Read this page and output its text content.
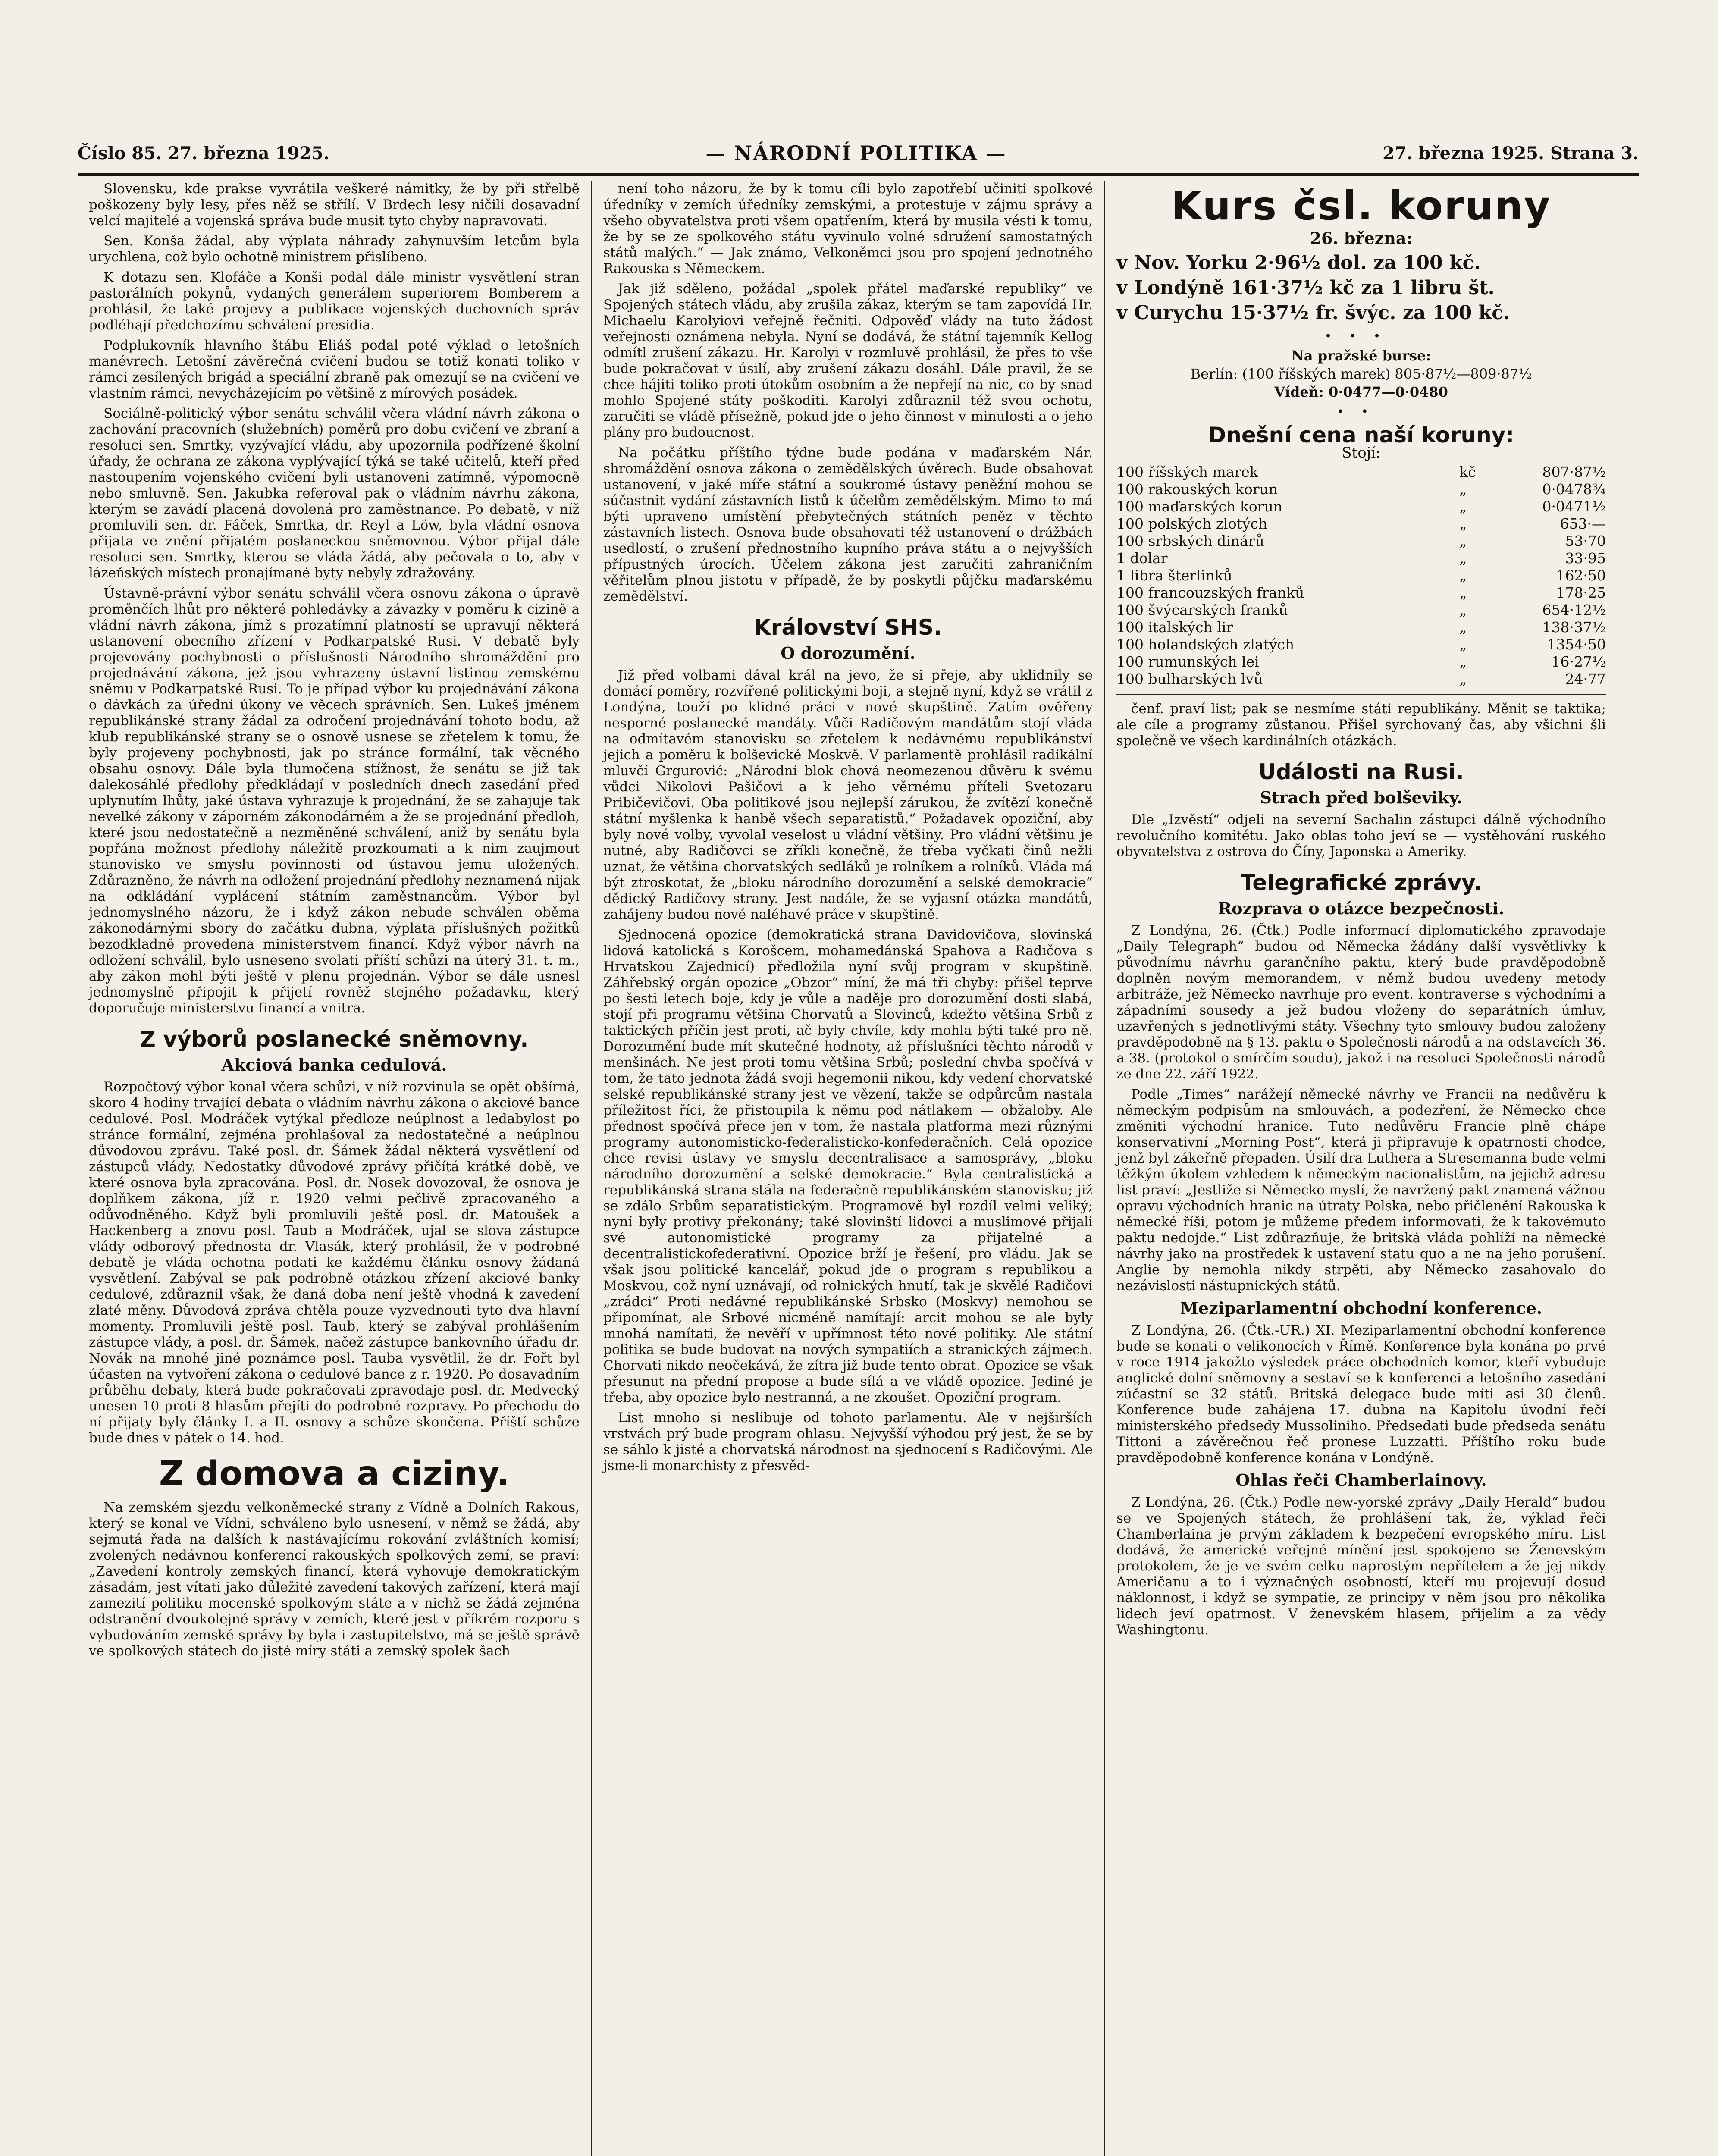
Číslo 85. 27. března 1925.	— NÁRODNÍ POLITIKA —	27. března 1925. Strana 3.

Slovensku, kde prakse vyvrátila veškeré námitky, že by při střelbě poškozeny byly lesy, přes něž se střílí. V Brdech lesy ničili dosavadní velcí majitelé a vojenská správa bude musit tyto chyby napravovati.

Sen. Konša žádal, aby výplata náhrady zahynuvším letcům byla urychlena, což bylo ochotně ministrem přislíbeno.

K dotazu sen. Klofáče a Konši podal dále ministr vysvětlení stran pastorálních pokynů, vydaných generálem superiorem Bomberem a prohlásil, že také projevy a publikace vojenských duchovních správ podléhají předchozímu schválení presidia.

Podplukovník hlavního štábu Eliáš podal poté výklad o letošních manévrech. Letošní závěrečná cvičení budou se totiž konati toliko v rámci zesílených brigád a speciální zbraně pak omezují se na cvičení ve vlastním rámci, nevycházejícím po většině z mírových posádek.

Sociálně-politický výbor senátu schválil včera vládní návrh zákona o zachování pracovních (služebních) poměrů pro dobu cvičení ve zbraní a resoluci sen. Smrtky, vyzývající vládu, aby upozornila podřízené školní úřady, že ochrana ze zákona vyplývající týká se také učitelů, kteří před nastoupením vojenského cvičení byli ustanoveni zatímně, výpomocně nebo smluvně. Sen. Jakubka referoval pak o vládním návrhu zákona, kterým se zavádí placená dovolená pro zaměstnance. Po debatě, v níž promluvili sen. dr. Fáček, Smrtka, dr. Reyl a Löw, byla vládní osnova přijata ve znění přijatém poslaneckou sněmovnou. Výbor přijal dále resoluci sen. Smrtky, kterou se vláda žádá, aby pečovala o to, aby v lázeňských místech pronajímané byty nebyly zdražovány.

Ústavně-právní výbor senátu schválil včera osnovu zákona o úpravě proměnčích lhůt pro některé pohledávky a závazky v poměru k cizině a vládní návrh zákona, jímž s prozatímní platností se upravují některá ustanovení obecního zřízení v Podkarpatské Rusi. V debatě byly projevovány pochybnosti o příslušnosti Národního shromáždění pro projednávání zákona, jež jsou vyhrazeny ústavní listinou zemskému sněmu v Podkarpatské Rusi. To je případ výbor ku projednávání zákona o dávkách za úřední úkony ve věcech správních. Sen. Lukeš jménem republikánské strany žádal za odročení projednávání tohoto bodu, až klub republikánské strany se o osnově usnese se zřetelem k tomu, že byly projeveny pochybnosti, jak po stránce formální, tak věcného obsahu osnovy. Dále byla tlumočena stížnost, že senátu se již tak dalekosáhlé předlohy předkládají v posledních dnech zasedání před uplynutím lhůty, jaké ústava vyhrazuje k projednání, že se zahajuje tak nevelké zákony v záporném zákonodárném a že se projednání předloh, které jsou nedostatečně a nezměněné schválení, aniž by senátu byla popřána možnost předlohy náležitě prozkoumati a k nim zaujmout stanovisko ve smyslu povinnosti od ústavou jemu uložených. Zdůrazněno, že návrh na odložení projednání předlohy neznamená nijak na odkládání vyplácení státním zaměstnancům. Výbor byl jednomyslného názoru, že i když zákon nebude schválen oběma zákonodárnými sbory do začátku dubna, výplata příslušných požitků bezodkladně provedena ministerstvem financí. Když výbor návrh na odložení schválil, bylo usneseno svolati příští schůzi na úterý 31. t. m., aby zákon mohl býti ještě v plenu projednán. Výbor se dále usnesl jednomyslně připojit k přijetí rovněž stejného požadavku, který doporučuje ministerstvu financí a vnitra.

Z výborů poslanecké sněmovny.
Akciová banka cedulová.

Rozpočtový výbor konal včera schůzi, v níž rozvinula se opět obšírná, skoro 4 hodiny trvající debata o vládním návrhu zákona o akciové bance cedulové. Posl. Modráček vytýkal předloze neúplnost a ledabylost po stránce formální, zejména prohlašoval za nedostatečné a neúplnou důvodovou zprávu. Také posl. dr. Šámek žádal některá vysvětlení od zástupců vlády. Nedostatky důvodové zprávy přičítá krátké době, ve které osnova byla zpracována. Posl. dr. Nosek dovozoval, že osnova je doplňkem zákona, jíž r. 1920 velmi pečlivě zpracovaného a odůvodněného. Když byli promluvili ještě posl. dr. Matoušek a Hackenberg a znovu posl. Taub a Modráček, ujal se slova zástupce vlády odborový přednosta dr. Vlasák, který prohlásil, že v podrobné debatě je vláda ochotna podati ke každému článku osnovy žádaná vysvětlení. Zabýval se pak podrobně otázkou zřízení akciové banky cedulové, zdůraznil však, že daná doba není ještě vhodná k zavedení zlaté měny. Důvodová zpráva chtěla pouze vyzvednouti tyto dva hlavní momenty. Promluvili ještě posl. Taub, který se zabýval prohlášením zástupce vlády, a posl. dr. Šámek, načež zástupce bankovního úřadu dr. Novák na mnohé jiné poznámce posl. Tauba vysvětlil, že dr. Fořt byl účasten na vytvoření zákona o cedulové bance z r. 1920. Po dosavadním průběhu debaty, která bude pokračovati zpravodaje posl. dr. Medvecký unesen 10 proti 8 hlasům přejíti do podrobné rozpravy. Po přechodu do ní přijaty byly články I. a II. osnovy a schůze skončena. Příští schůze bude dnes v pátek o 14. hod.

Z domova a ciziny.

Na zemském sjezdu velkoněmecké strany z Vídně a Dolních Rakous, který se konal ve Vídni, schváleno bylo usnesení, v němž se žádá, aby sejmutá řada na dalších k nastávajícímu rokování zvláštních komisí; zvolených nedávnou konferencí rakouských spolkových zemí, se praví: „Zavedení kontroly zemských financí, která vyhovuje demokratickým zásadám, jest vítati jako důležité zavedení takových zařízení, která mají zamezití politiku mocenské spolkovým státe a v nichž se žádá zejména odstranění dvoukolejné správy v zemích, které jest v příkrém rozporu s vybudováním zemské správy by byla i zastupitelstvo, má se ještě správě ve spolkových státech do jisté míry státi a zemský spolek šach

není toho názoru, že by k tomu cíli bylo zapotřebí učiniti spolkové úředníky v zemích úředníky zemskými, a protestuje v zájmu správy a všeho obyvatelstva proti všem opatřením, která by musila vésti k tomu, že by se ze spolkového státu vyvinulo volné sdružení samostatných států malých.“ — Jak známo, Velkoněmci jsou pro spojení jednotného Rakouska s Německem.

Jak již sděleno, požádal „spolek přátel maďarské republiky“ ve Spojených státech vládu, aby zrušila zákaz, kterým se tam zapovídá Hr. Michaelu Karolyiovi veřejně řečniti. Odpověď vlády na tuto žádost veřejnosti oznámena nebyla. Nyní se dodává, že státní tajemník Kellog odmítl zrušení zákazu. Hr. Karolyi v rozmluvě prohlásil, že přes to vše bude pokračovat v úsilí, aby zrušení zákazu dosáhl. Dále pravil, že se chce hájiti toliko proti útokům osobním a že nepřejí na nic, co by snad mohlo Spojené státy poškoditi. Karolyi zdůraznil též svou ochotu, zaručiti se vládě přísežně, pokud jde o jeho činnost v minulosti a o jeho plány pro budoucnost.

Na počátku příštího týdne bude podána v maďarském Nár. shromáždění osnova zákona o zemědělských úvěrech. Bude obsahovat ustanovení, v jaké míře státní a soukromé ústavy peněžní mohou se súčastnit vydání zástavních listů k účelům zemědělským. Mimo to má býti upraveno umístění přebytečných státních peněz v těchto zástavních listech. Osnova bude obsahovati též ustanovení o drážbách usedlostí, o zrušení přednostního kupního práva státu a o nejvyšších přípustných úrocích. Účelem zákona jest zaručiti zahraničním věřitelům plnou jistotu v případě, že by poskytli půjčku maďarskému zemědělství.

Království SHS.
O dorozumění.

Již před volbami dával král na jevo, že si přeje, aby uklidnily se domácí poměry, rozvířené politickými boji, a stejně nyní, když se vrátil z Londýna, touží po klidné práci v nové skupštině. Zatím ověřeny nesporné poslanecké mandáty. Vůči Radičovým mandátům stojí vláda na odmítavém stanovisku se zřetelem k nedávnému republikánství jejich a poměru k bolševické Moskvě. V parlamentě prohlásil radikální mluvčí Grgurović: „Národní blok chová neomezenou důvěru k svému vůdci Nikolovi Pašičovi a k jeho věrnému příteli Svetozaru Pribičevičovi. Oba politikové jsou nejlepší zárukou, že zvítězí konečně státní myšlenka k hanbě všech separatistů.“ Požadavek opoziční, aby byly nové volby, vyvolal veselost u vládní většiny. Pro vládní většinu je nutné, aby Radičovci se zříkli konečně, že třeba vyčkati činů nežli uznat, že většina chorvatských sedláků je rolníkem a rolníků. Vláda má být ztroskotat, že „bloku národního dorozumění a selské demokracie“ dědický Radičovy strany. Jest nadále, že se vyjasní otázka mandátů, zahájeny budou nové naléhavé práce v skupštině.

Sjednocená opozice (demokratická strana Davidovičova, slovinská lidová katolická s Korošcem, mohamedánská Spahova a Radičova s Hrvatskou Zajednicí) předložila nyní svůj program v skupštině. Záhřebský orgán opozice „Obzor“ míní, že má tři chyby: přišel teprve po šesti letech boje, kdy je vůle a naděje pro dorozumění dosti slabá, stojí při programu většina Chorvatů a Slovinců, kdežto většina Srbů z taktických příčin jest proti, ač byly chvíle, kdy mohla býti také pro ně. Dorozumění bude mít skutečné hodnoty, až příslušníci těchto národů v menšinách. Ne jest proti tomu většina Srbů; poslední chvba spočívá v tom, že tato jednota žádá svoji hegemonii nikou, kdy vedení chorvatské selské republikánské strany jest ve vězení, takže se odpůrcům nastala příležitost říci, že přistoupila k němu pod nátlakem — obžaloby. Ale přednost spočívá přece jen v tom, že nastala platforma mezi různými programy autonomisticko-federalisticko-konfederačních. Celá opozice chce revisi ústavy ve smyslu decentralisace a samosprávy, „bloku národního dorozumění a selské demokracie.“ Byla centralistická a republikánská strana stála na federačně republikánském stanovisku; již se zdálo Srbům separatistickým. Programově byl rozdíl velmi veliký; nyní byly protivy překonány; také slovinští lidovci a muslimové přijali své autonomistické programy za přijatelné a decentralistickofederativní. Opozice brží je řešení, pro vládu. Jak se však jsou politické kancelář, pokud jde o program s republikou a Moskvou, což nyní uznávají, od rolnických hnutí, tak je skvělé Radičovi „zrádci“ Proti nedávné republikánské Srbsko (Moskvy) nemohou se připomínat, ale Srbové nicméně namítají: arcit mohou se ale byly mnohá namítati, že nevěří v upřímnost této nové politiky. Ale státní politika se bude budovat na nových sympatiích a stranických zájmech. Chorvati nikdo neočekává, že zítra již bude tento obrat. Opozice se však přesunut na přední propose a bude sílá a ve vládě opozice. Jediné je třeba, aby opozice bylo nestranná, a ne zkoušet. Opoziční program.

List mnoho si neslibuje od tohoto parlamentu. Ale v nejširších vrstvách prý bude program ohlasu. Nejvyšší výhodou prý jest, že se by se sáhlo k jisté a chorvatská národnost na sjednocení s Radičovými. Ale jsme-li monarchisty z přesvěd-

Kurs čsl. koruny
26. března:
v Nov. Yorku 2·96½ dol. za 100 kč.
v Londýně 161·37½ kč za 1 libru št.
v Curychu 15·37½ fr. švýc. za 100 kč.
•••
Na pražské burse:
Berlín: (100 říšských marek) 805·87½—809·87½
Vídeň: 0·0477—0·0480
••
Dnešní cena naší koruny:
Stojí:
100 říšských marek	kč	807·87½
100 rakouských korun	„	0·0478¾
100 maďarských korun	„	0·0471½
100 polských zlotých	„	653·—
100 srbských dinárů	„	53·70
1 dolar	„	33·95
1 libra šterlinků	„	162·50
100 francouzských franků	„	178·25
100 švýcarských franků	„	654·12½
100 italských lir	„	138·37½
100 holandských zlatých	„	1354·50
100 rumunských lei	„	16·27½
100 bulharských lvů	„	24·77

čenf. praví list; pak se nesmíme státi republikány. Měnit se taktika; ale cíle a programy zůstanou. Přišel syrchovaný čas, aby všichni šli společně ve všech kardinálních otázkách.

Události na Rusi.
Strach před bolševiky.

Dle „Izvěstí“ odjeli na severní Sachalin zástupci dálně východního revolučního komitétu. Jako oblas toho jeví se — vystěhování ruského obyvatelstva z ostrova do Číny, Japonska a Ameriky.

Telegrafické zprávy.
Rozprava o otázce bezpečnosti.

Z Londýna, 26. (Čtk.) Podle informací diplomatického zpravodaje „Daily Telegraph“ budou od Německa žádány další vysvětlivky k původnímu návrhu garančního paktu, který bude pravděpodobně doplněn novým memorandem, v němž budou uvedeny metody arbitráže, jež Německo navrhuje pro event. kontraverse s východními a západními sousedy a jež budou vloženy do separátních úmluv, uzavřených s jednotlivými státy. Všechny tyto smlouvy budou založeny pravděpodobně na § 13. paktu o Společnosti národů a na odstavcích 36. a 38. (protokol o smírčím soudu), jakož i na resoluci Společnosti národů ze dne 22. září 1922.

Podle „Times“ narážejí německé návrhy ve Francii na nedůvěru k německým podpisům na smlouvách, a podezření, že Německo chce změniti východní hranice. Tuto nedůvěru Francie plně chápe konservativní „Morning Post“, která ji připravuje k opatrnosti chodce, jenž byl zákeřně přepaden. Úsilí dra Luthera a Stresemanna bude velmi těžkým úkolem vzhledem k německým nacionalistům, na jejichž adresu list praví: „Jestliže si Německo myslí, že navržený pakt znamená vážnou opravu východních hranic na útraty Polska, nebo přičlenění Rakouska k německé říši, potom je můžeme předem informovati, že k takovémuto paktu nedojde.“ List zdůrazňuje, že britská vláda pohlíží na německé návrhy jako na prostředek k ustavení statu quo a ne na jeho porušení. Anglie by nemohla nikdy strpěti, aby Německo zasahovalo do nezávislosti nástupnických států.

Meziparlamentní obchodní konference.

Z Londýna, 26. (Čtk.-UR.) XI. Meziparlamentní obchodní konference bude se konati o velikonocích v Římě. Konference byla konána po prvé v roce 1914 jakožto výsledek práce obchodních komor, kteří vybuduje anglické dolní sněmovny a sestaví se k konferenci a letošního zasedání zúčastní se 32 států. Britská delegace bude míti asi 30 členů. Konference bude zahájena 17. dubna na Kapitolu úvodní řečí ministerského předsedy Mussoliniho. Předsedati bude předseda senátu Tittoni a závěrečnou řeč pronese Luzzatti. Příštího roku bude pravděpodobně konference konána v Londýně.

Ohlas řeči Chamberlainovy.

Z Londýna, 26. (Čtk.) Podle new-yorské zprávy „Daily Herald“ budou se ve Spojených státech, že prohlášení tak, že, výklad řeči Chamberlaina je prvým základem k bezpečení evropského míru. List dodává, že americké veřejné mínění jest spokojeno se Ženevským protokolem, že je ve svém celku naprostým nepřítelem a že jej nikdy Američanu a to i význačných osobností, kteří mu projevují dosud náklonnost, i když se sympatie, ze principy v něm jsou pro několika lidech jeví opatrnost. V ženevském hlasem, přijelim a za vědy Washingtonu.
